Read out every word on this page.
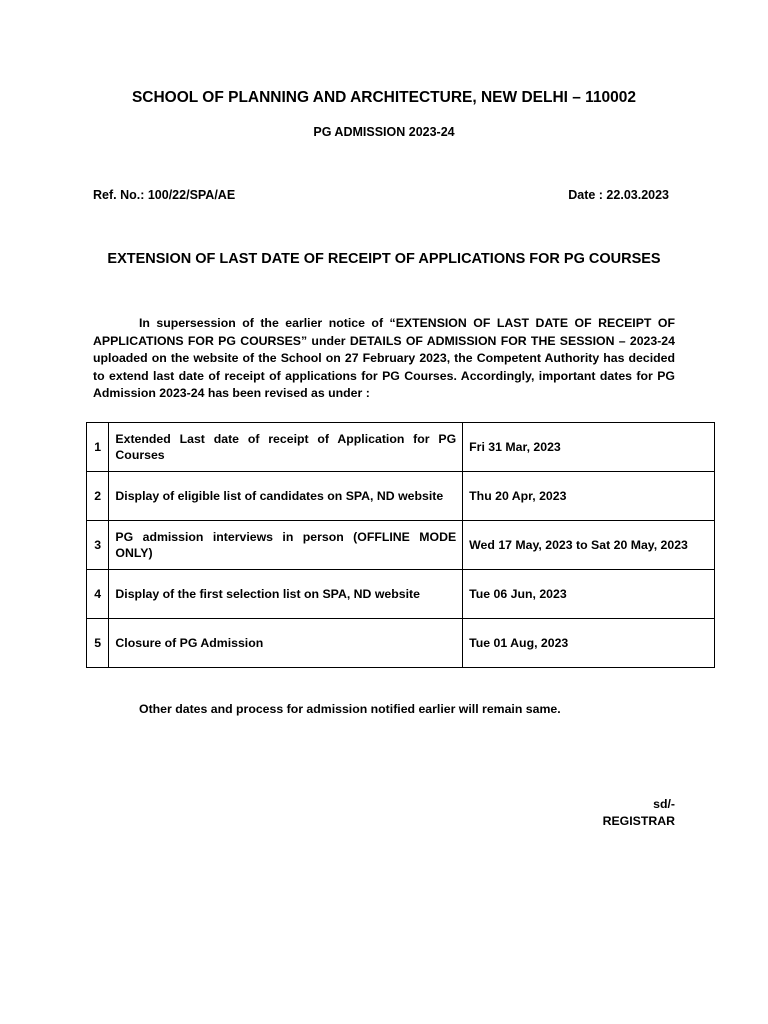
SCHOOL OF PLANNING AND ARCHITECTURE, NEW DELHI – 110002
PG ADMISSION 2023-24
Ref. No.: 100/22/SPA/AE	Date : 22.03.2023
EXTENSION OF LAST DATE OF RECEIPT OF APPLICATIONS FOR PG COURSES

In supersession of the earlier notice of “EXTENSION OF LAST DATE OF RECEIPT OF APPLICATIONS FOR PG COURSES” under DETAILS OF ADMISSION FOR THE SESSION – 2023-24 uploaded on the website of the School on 27 February 2023, the Competent Authority has decided to extend last date of receipt of applications for PG Courses. Accordingly, important dates for PG Admission 2023-24 has been revised as under :

1	Extended Last date of receipt of Application for PG Courses	Fri 31 Mar, 2023
2	Display of eligible list of candidates on SPA, ND website	Thu 20 Apr, 2023
3	PG admission interviews in person (OFFLINE MODE ONLY)	Wed 17 May, 2023 to Sat 20 May, 2023
4	Display of the first selection list on SPA, ND website	Tue 06 Jun, 2023
5	Closure of PG Admission	Tue 01 Aug, 2023
Other dates and process for admission notified earlier will remain same.
sd/-
REGISTRAR
